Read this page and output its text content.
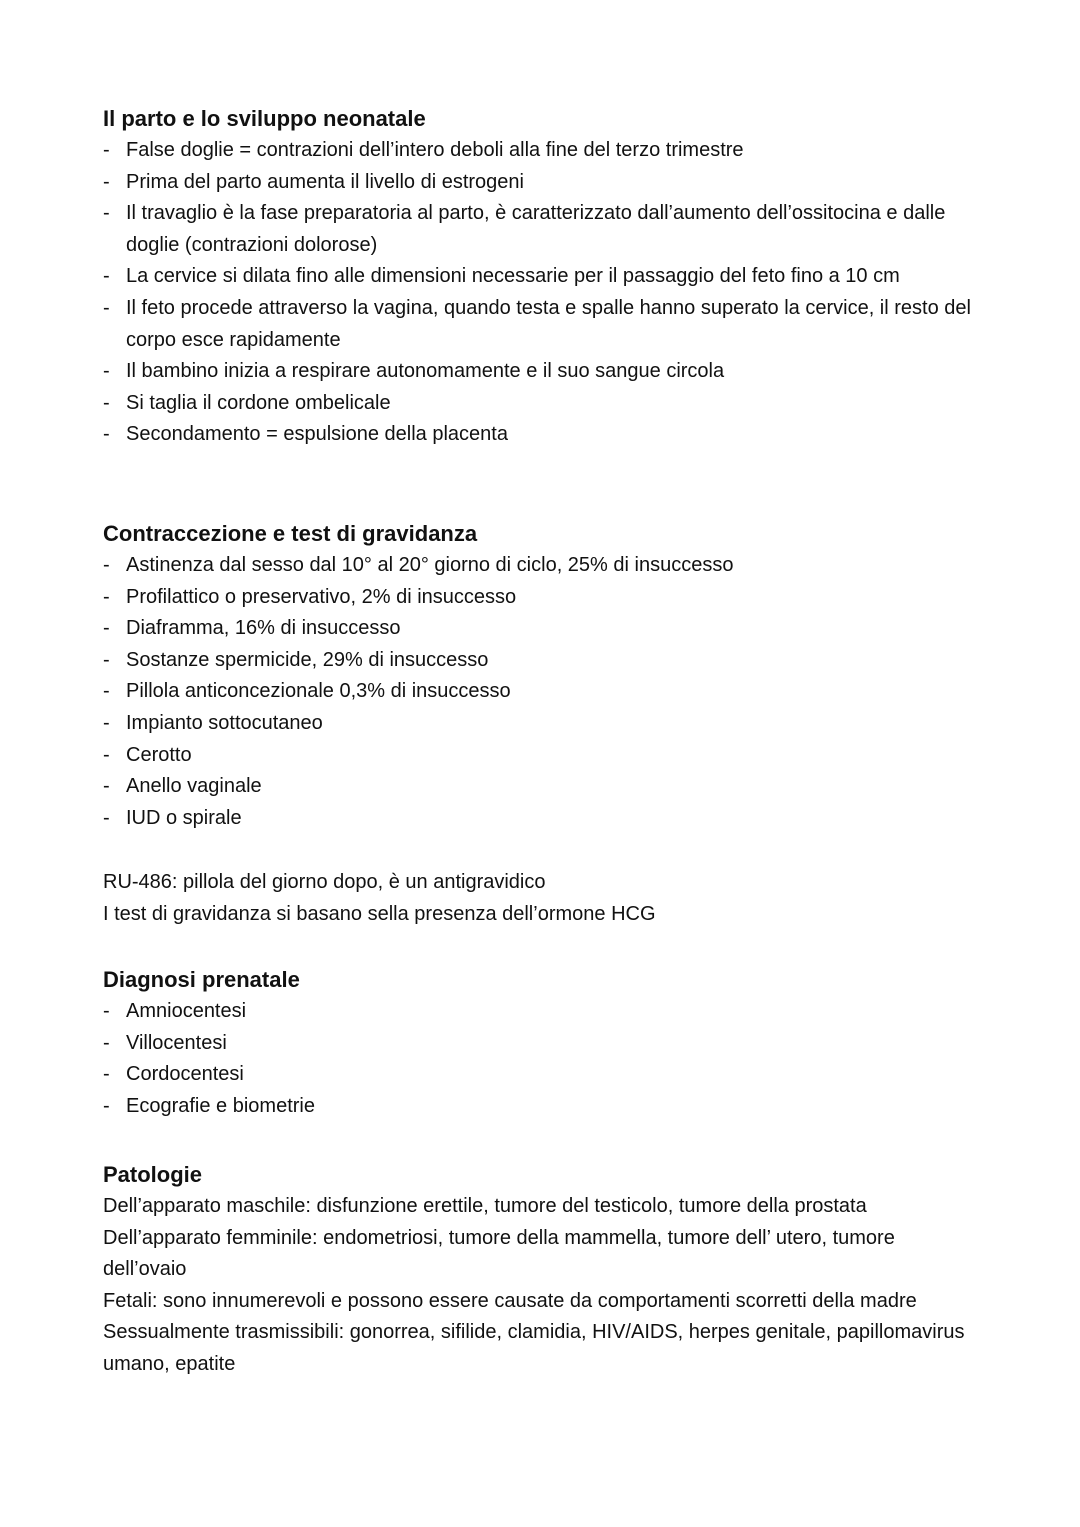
Il parto e lo sviluppo neonatale
- False doglie = contrazioni dell’intero deboli alla fine del terzo trimestre
- Prima del parto aumenta il livello di estrogeni
- Il travaglio è la fase preparatoria al parto, è caratterizzato dall’aumento dell’ossitocina e dalle doglie (contrazioni dolorose)
- La cervice si dilata fino alle dimensioni necessarie per il passaggio del feto fino a 10 cm
- Il feto procede attraverso la vagina, quando testa e spalle hanno superato la cervice, il resto del corpo esce rapidamente
- Il bambino inizia a respirare autonomamente e il suo sangue circola
- Si taglia il cordone ombelicale
- Secondamento = espulsione della placenta
Contraccezione e test di gravidanza
- Astinenza dal sesso dal 10° al 20° giorno di ciclo, 25% di insuccesso
- Profilattico o preservativo, 2% di insuccesso
- Diaframma, 16% di insuccesso
- Sostanze spermicide, 29% di insuccesso
- Pillola anticoncezionale 0,3% di insuccesso
- Impianto sottocutaneo
- Cerotto
- Anello vaginale
- IUD o spirale

RU-486: pillola del giorno dopo, è un antigravidico

I test di gravidanza si basano sella presenza dell’ormone HCG

Diagnosi prenatale
- Amniocentesi
- Villocentesi
- Cordocentesi
- Ecografie e biometrie
Patologie

Dell’apparato maschile: disfunzione erettile, tumore del testicolo, tumore della prostata

Dell’apparato femminile: endometriosi, tumore della mammella, tumore dell’ utero, tumore dell’ovaio

Fetali: sono innumerevoli e possono essere causate da comportamenti scorretti della madre

Sessualmente trasmissibili: gonorrea, sifilide, clamidia, HIV/AIDS, herpes genitale, papillomavirus umano, epatite
